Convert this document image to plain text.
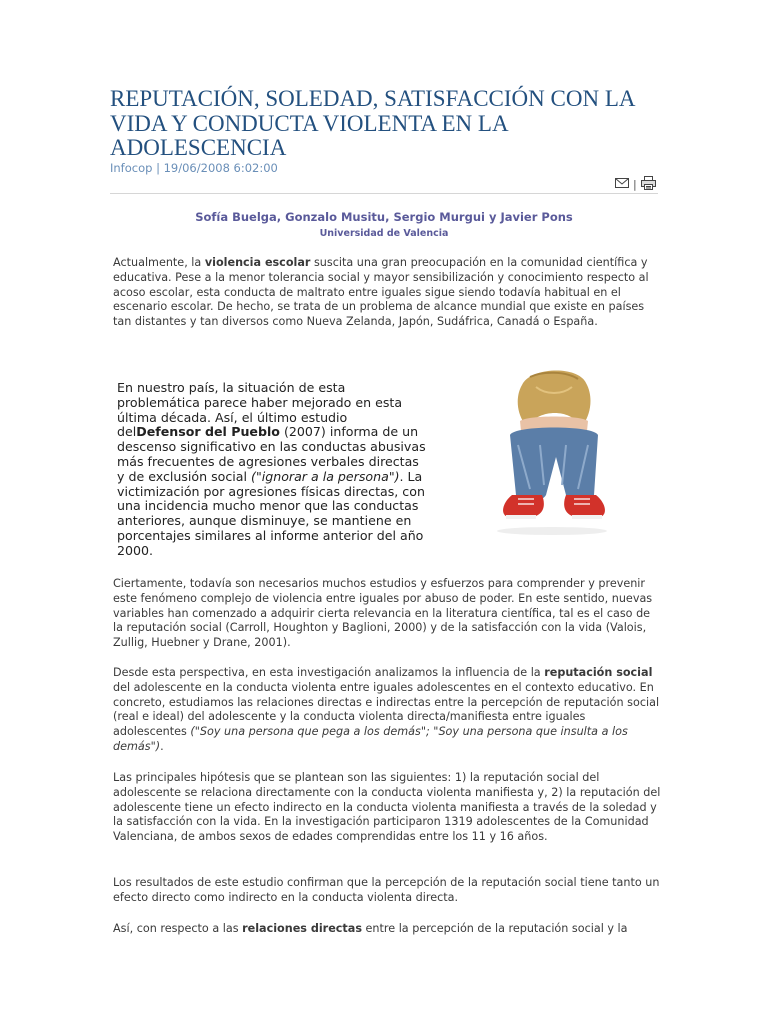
REPUTACIÓN, SOLEDAD, SATISFACCIÓN CON LA VIDA Y CONDUCTA VIOLENTA EN LA ADOLESCENCIA
Infocop | 19/06/2008 6:02:00
|
Sofía Buelga, Gonzalo Musitu, Sergio Murgui y Javier Pons
Universidad de Valencia

Actualmente, la violencia escolar suscita una gran preocupación en la comunidad científica y educativa. Pese a la menor tolerancia social y mayor sensibilización y conocimiento respecto al acoso escolar, esta conducta de maltrato entre iguales sigue siendo todavía habitual en el escenario escolar. De hecho, se trata de un problema de alcance mundial que existe en países tan distantes y tan diversos como Nueva Zelanda, Japón, Sudáfrica, Canadá o España.

En nuestro país, la situación de esta problemática parece haber mejorado en esta última década. Así, el último estudio delDefensor del Pueblo (2007) informa de un descenso significativo en las conductas abusivas más frecuentes de agresiones verbales directas y de exclusión social ("ignorar a la persona"). La victimización por agresiones físicas directas, con una incidencia mucho menor que las conductas anteriores, aunque disminuye, se mantiene en porcentajes similares al informe anterior del año 2000.

Ciertamente, todavía son necesarios muchos estudios y esfuerzos para comprender y prevenir este fenómeno complejo de violencia entre iguales por abuso de poder. En este sentido, nuevas variables han comenzado a adquirir cierta relevancia en la literatura científica, tal es el caso de la reputación social (Carroll, Houghton y Baglioni, 2000) y de la satisfacción con la vida (Valois, Zullig, Huebner y Drane, 2001).

Desde esta perspectiva, en esta investigación analizamos la influencia de la reputación social del adolescente en la conducta violenta entre iguales adolescentes en el contexto educativo. En concreto, estudiamos las relaciones directas e indirectas entre la percepción de reputación social (real e ideal) del adolescente y la conducta violenta directa/manifiesta entre iguales adolescentes ("Soy una persona que pega a los demás"; "Soy una persona que insulta a los demás").

Las principales hipótesis que se plantean son las siguientes: 1) la reputación social del adolescente se relaciona directamente con la conducta violenta manifiesta y, 2) la reputación del adolescente tiene un efecto indirecto en la conducta violenta manifiesta a través de la soledad y la satisfacción con la vida. En la investigación participaron 1319 adolescentes de la Comunidad Valenciana, de ambos sexos de edades comprendidas entre los 11 y 16 años.

Los resultados de este estudio confirman que la percepción de la reputación social tiene tanto un efecto directo como indirecto en la conducta violenta directa.

Así, con respecto a las relaciones directas entre la percepción de la reputación social y la
